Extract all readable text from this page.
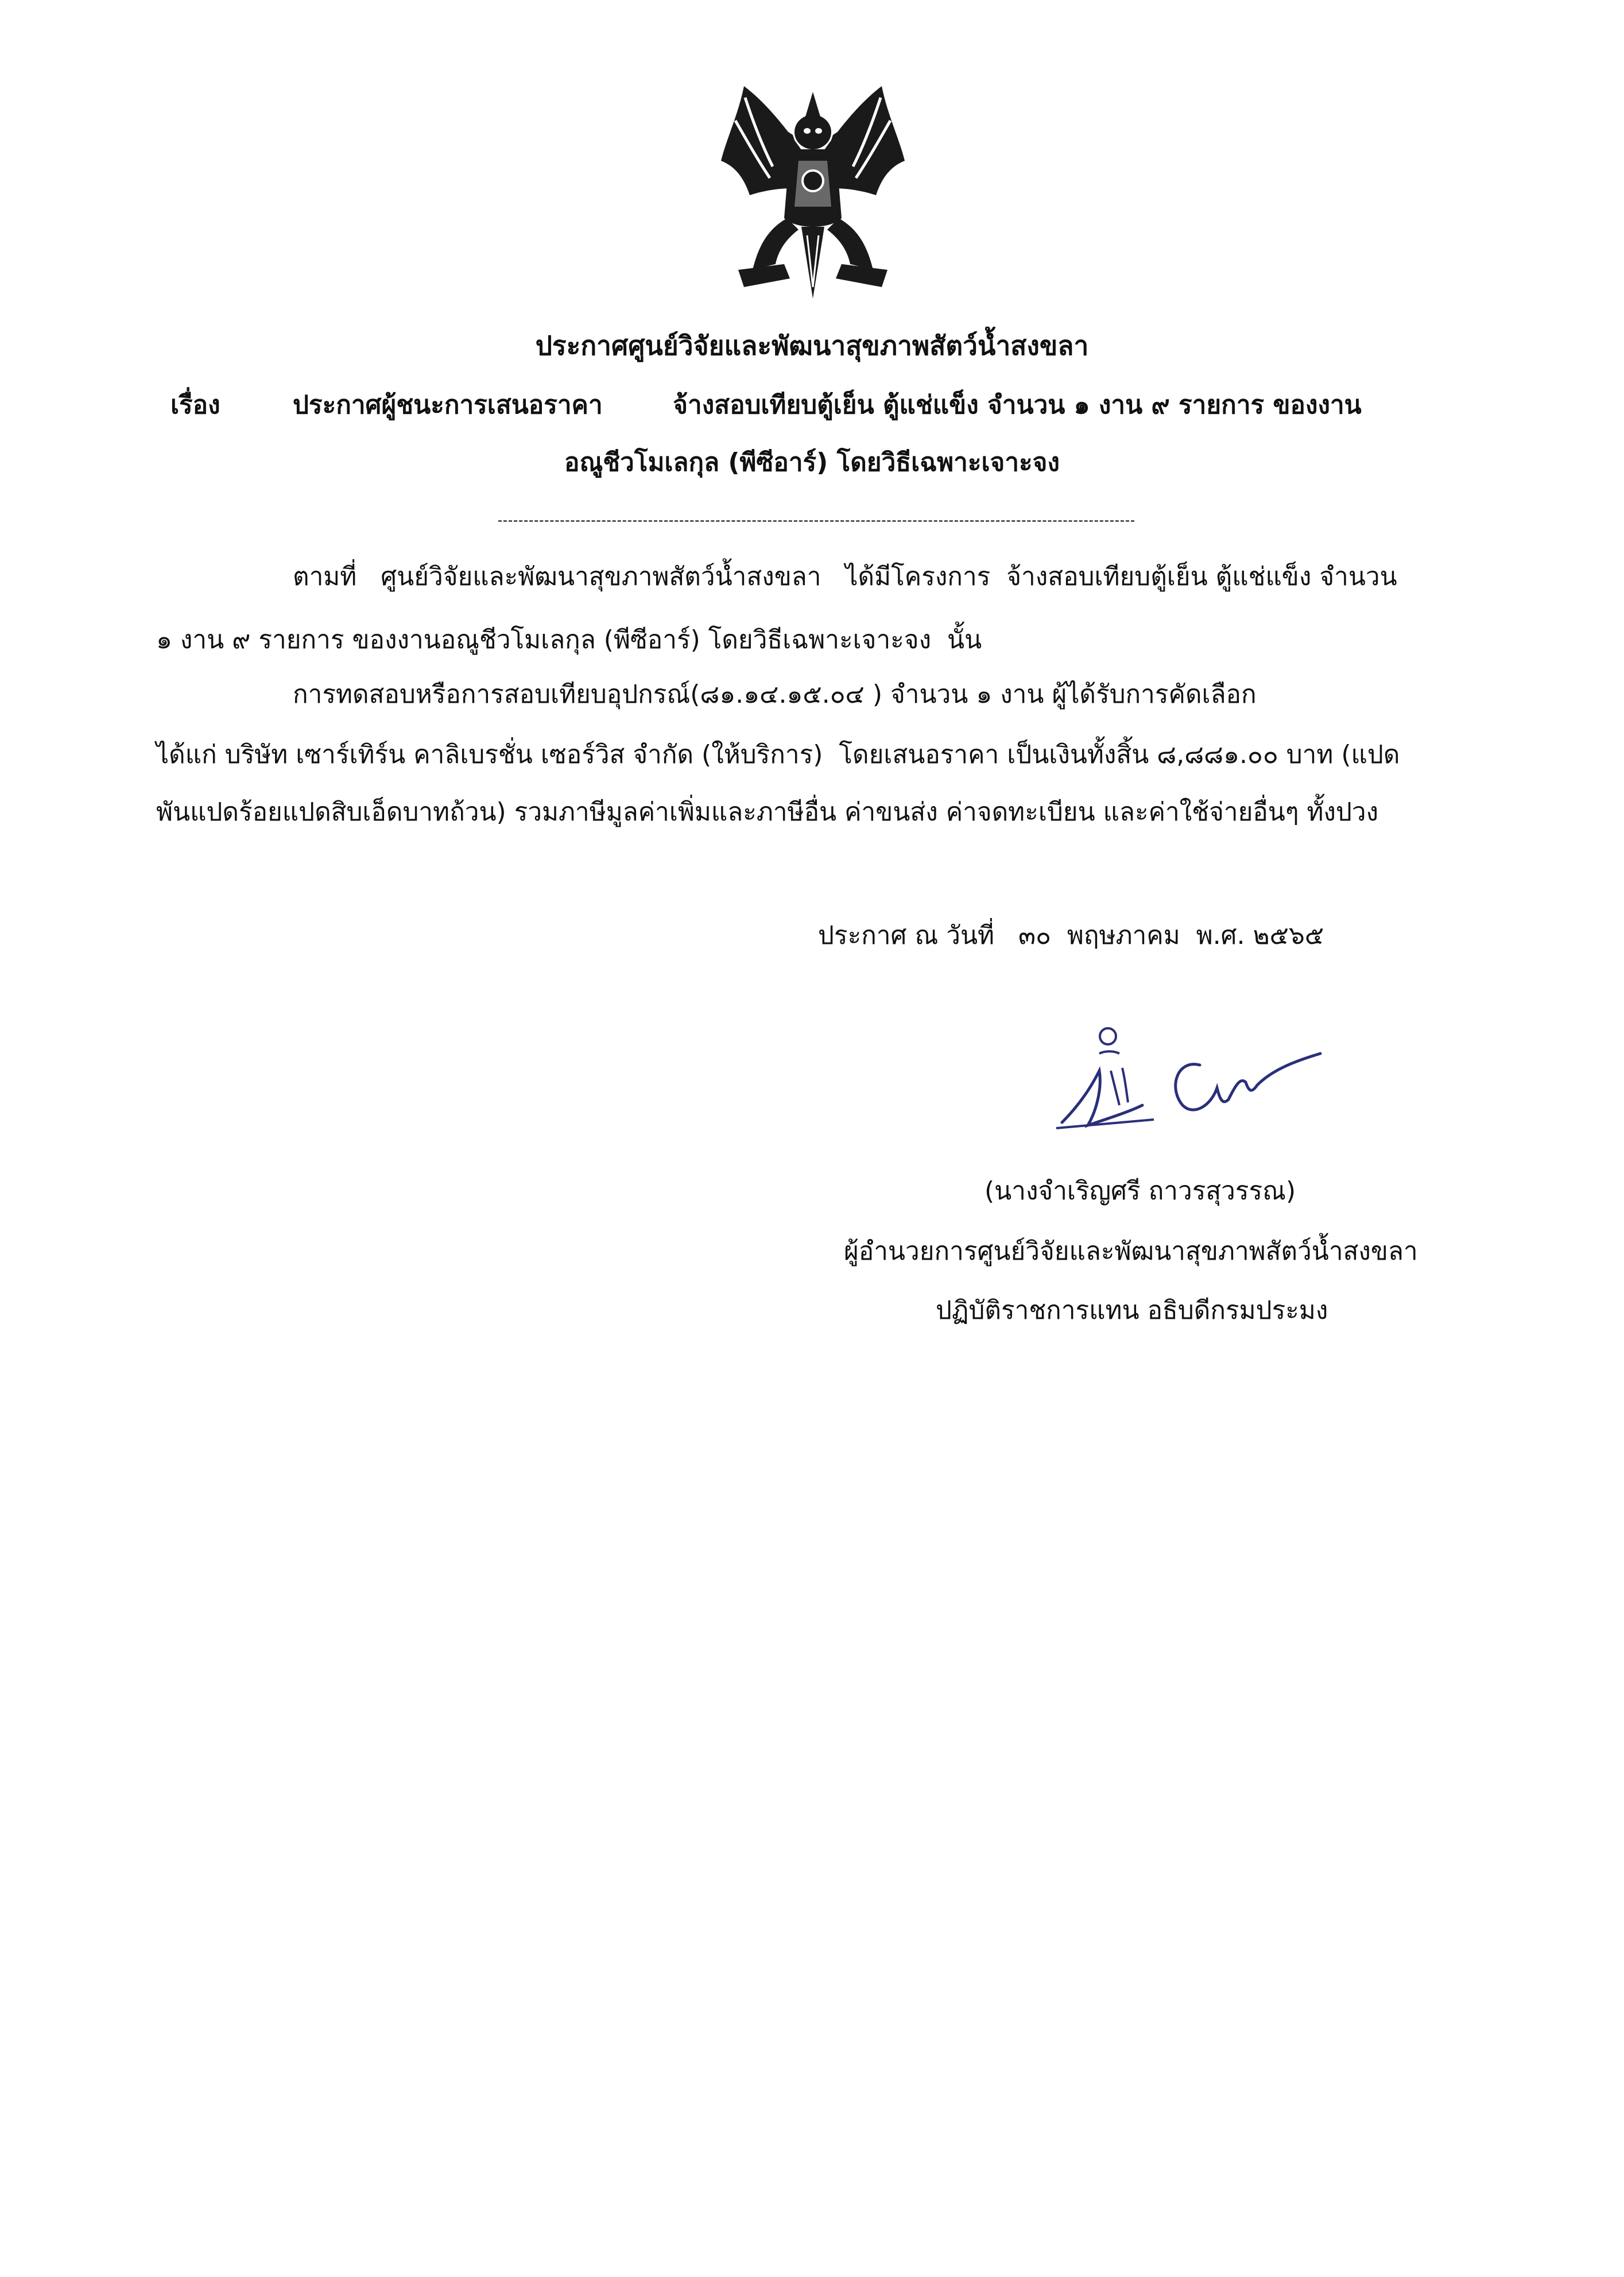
ประกาศศูนย์วิจัยและพัฒนาสุขภาพสัตว์น้ำสงขลา
เรื่อง	ประกาศผู้ชนะการเสนอราคา        จ้างสอบเทียบตู้เย็น ตู้แช่แข็ง จำนวน ๑ งาน ๙ รายการ ของงาน
อณูชีวโมเลกุล (พีซีอาร์) โดยวิธีเฉพาะเจาะจง
ตามที่   ศูนย์วิจัยและพัฒนาสุขภาพสัตว์น้ำสงขลา   ได้มีโครงการ  จ้างสอบเทียบตู้เย็น ตู้แช่แข็ง จำนวน
๑ งาน ๙ รายการ ของงานอณูชีวโมเลกุล (พีซีอาร์) โดยวิธีเฉพาะเจาะจง  นั้น
การทดสอบหรือการสอบเทียบอุปกรณ์(๘๑.๑๔.๑๕.๐๔ ) จำนวน ๑ งาน ผู้ได้รับการคัดเลือก
ได้แก่ บริษัท เซาร์เทิร์น คาลิเบรชั่น เซอร์วิส จำกัด (ให้บริการ)  โดยเสนอราคา เป็นเงินทั้งสิ้น ๘,๘๘๑.๐๐ บาท (แปด
พันแปดร้อยแปดสิบเอ็ดบาทถ้วน) รวมภาษีมูลค่าเพิ่มและภาษีอื่น ค่าขนส่ง ค่าจดทะเบียน และค่าใช้จ่ายอื่นๆ ทั้งปวง
ประกาศ ณ วันที่   ๓๐  พฤษภาคม  พ.ศ. ๒๕๖๕
(นางจำเริญศรี ถาวรสุวรรณ)
ผู้อำนวยการศูนย์วิจัยและพัฒนาสุขภาพสัตว์น้ำสงขลา
ปฏิบัติราชการแทน อธิบดีกรมประมง
